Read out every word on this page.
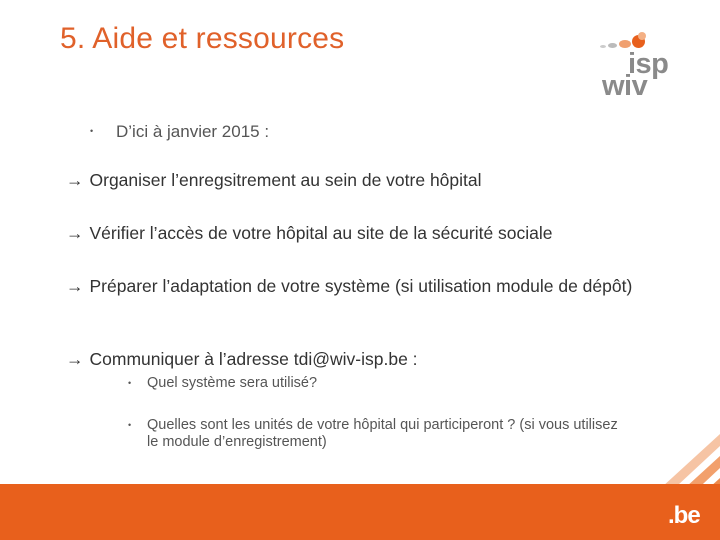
5. Aide et ressources
isp
wiv
• D’ici à janvier 2015 :
→ Organiser l’enregsitrement au sein de votre hôpital
→ Vérifier l’accès de votre hôpital au site de la sécurité sociale
→ Préparer l’adaptation de votre système (si utilisation module de dépôt)
→ Communiquer à l’adresse tdi@wiv-isp.be :
• Quel système sera utilisé?
• Quelles sont les unités de votre hôpital qui participeront ? (si vous utilisez le module d’enregistrement)
.be
